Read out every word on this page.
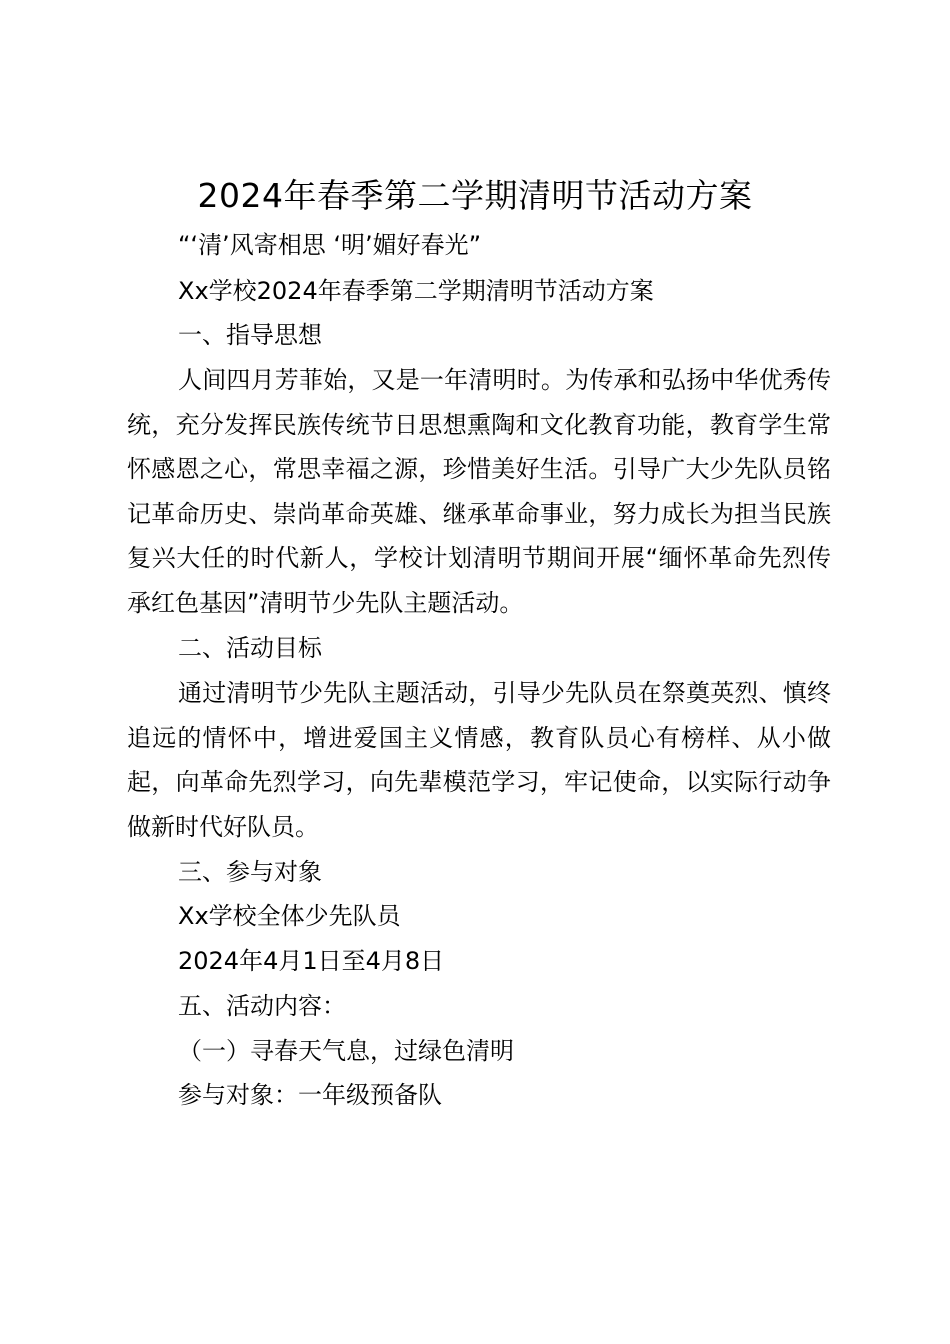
2024年春季第二学期清明节活动方案
“‘清’风寄相思 ‘明’媚好春光”
Xx学校2024年春季第二学期清明节活动方案
一、指导思想

人间四月芳菲始，又是一年清明时。为传承和弘扬中华优秀传统，充分发挥民族传统节日思想熏陶和文化教育功能，教育学生常怀感恩之心，常思幸福之源，珍惜美好生活。引导广大少先队员铭记革命历史、崇尚革命英雄、继承革命事业，努力成长为担当民族复兴大任的时代新人，学校计划清明节期间开展“缅怀革命先烈传承红色基因”清明节少先队主题活动。

二、活动目标

通过清明节少先队主题活动，引导少先队员在祭奠英烈、慎终追远的情怀中，增进爱国主义情感，教育队员心有榜样、从小做起，向革命先烈学习，向先辈模范学习，牢记使命，以实际行动争做新时代好队员。

三、参与对象
Xx学校全体少先队员
2024年4月1日至4月8日
五、活动内容：
（一）寻春天气息，过绿色清明
参与对象：一年级预备队
